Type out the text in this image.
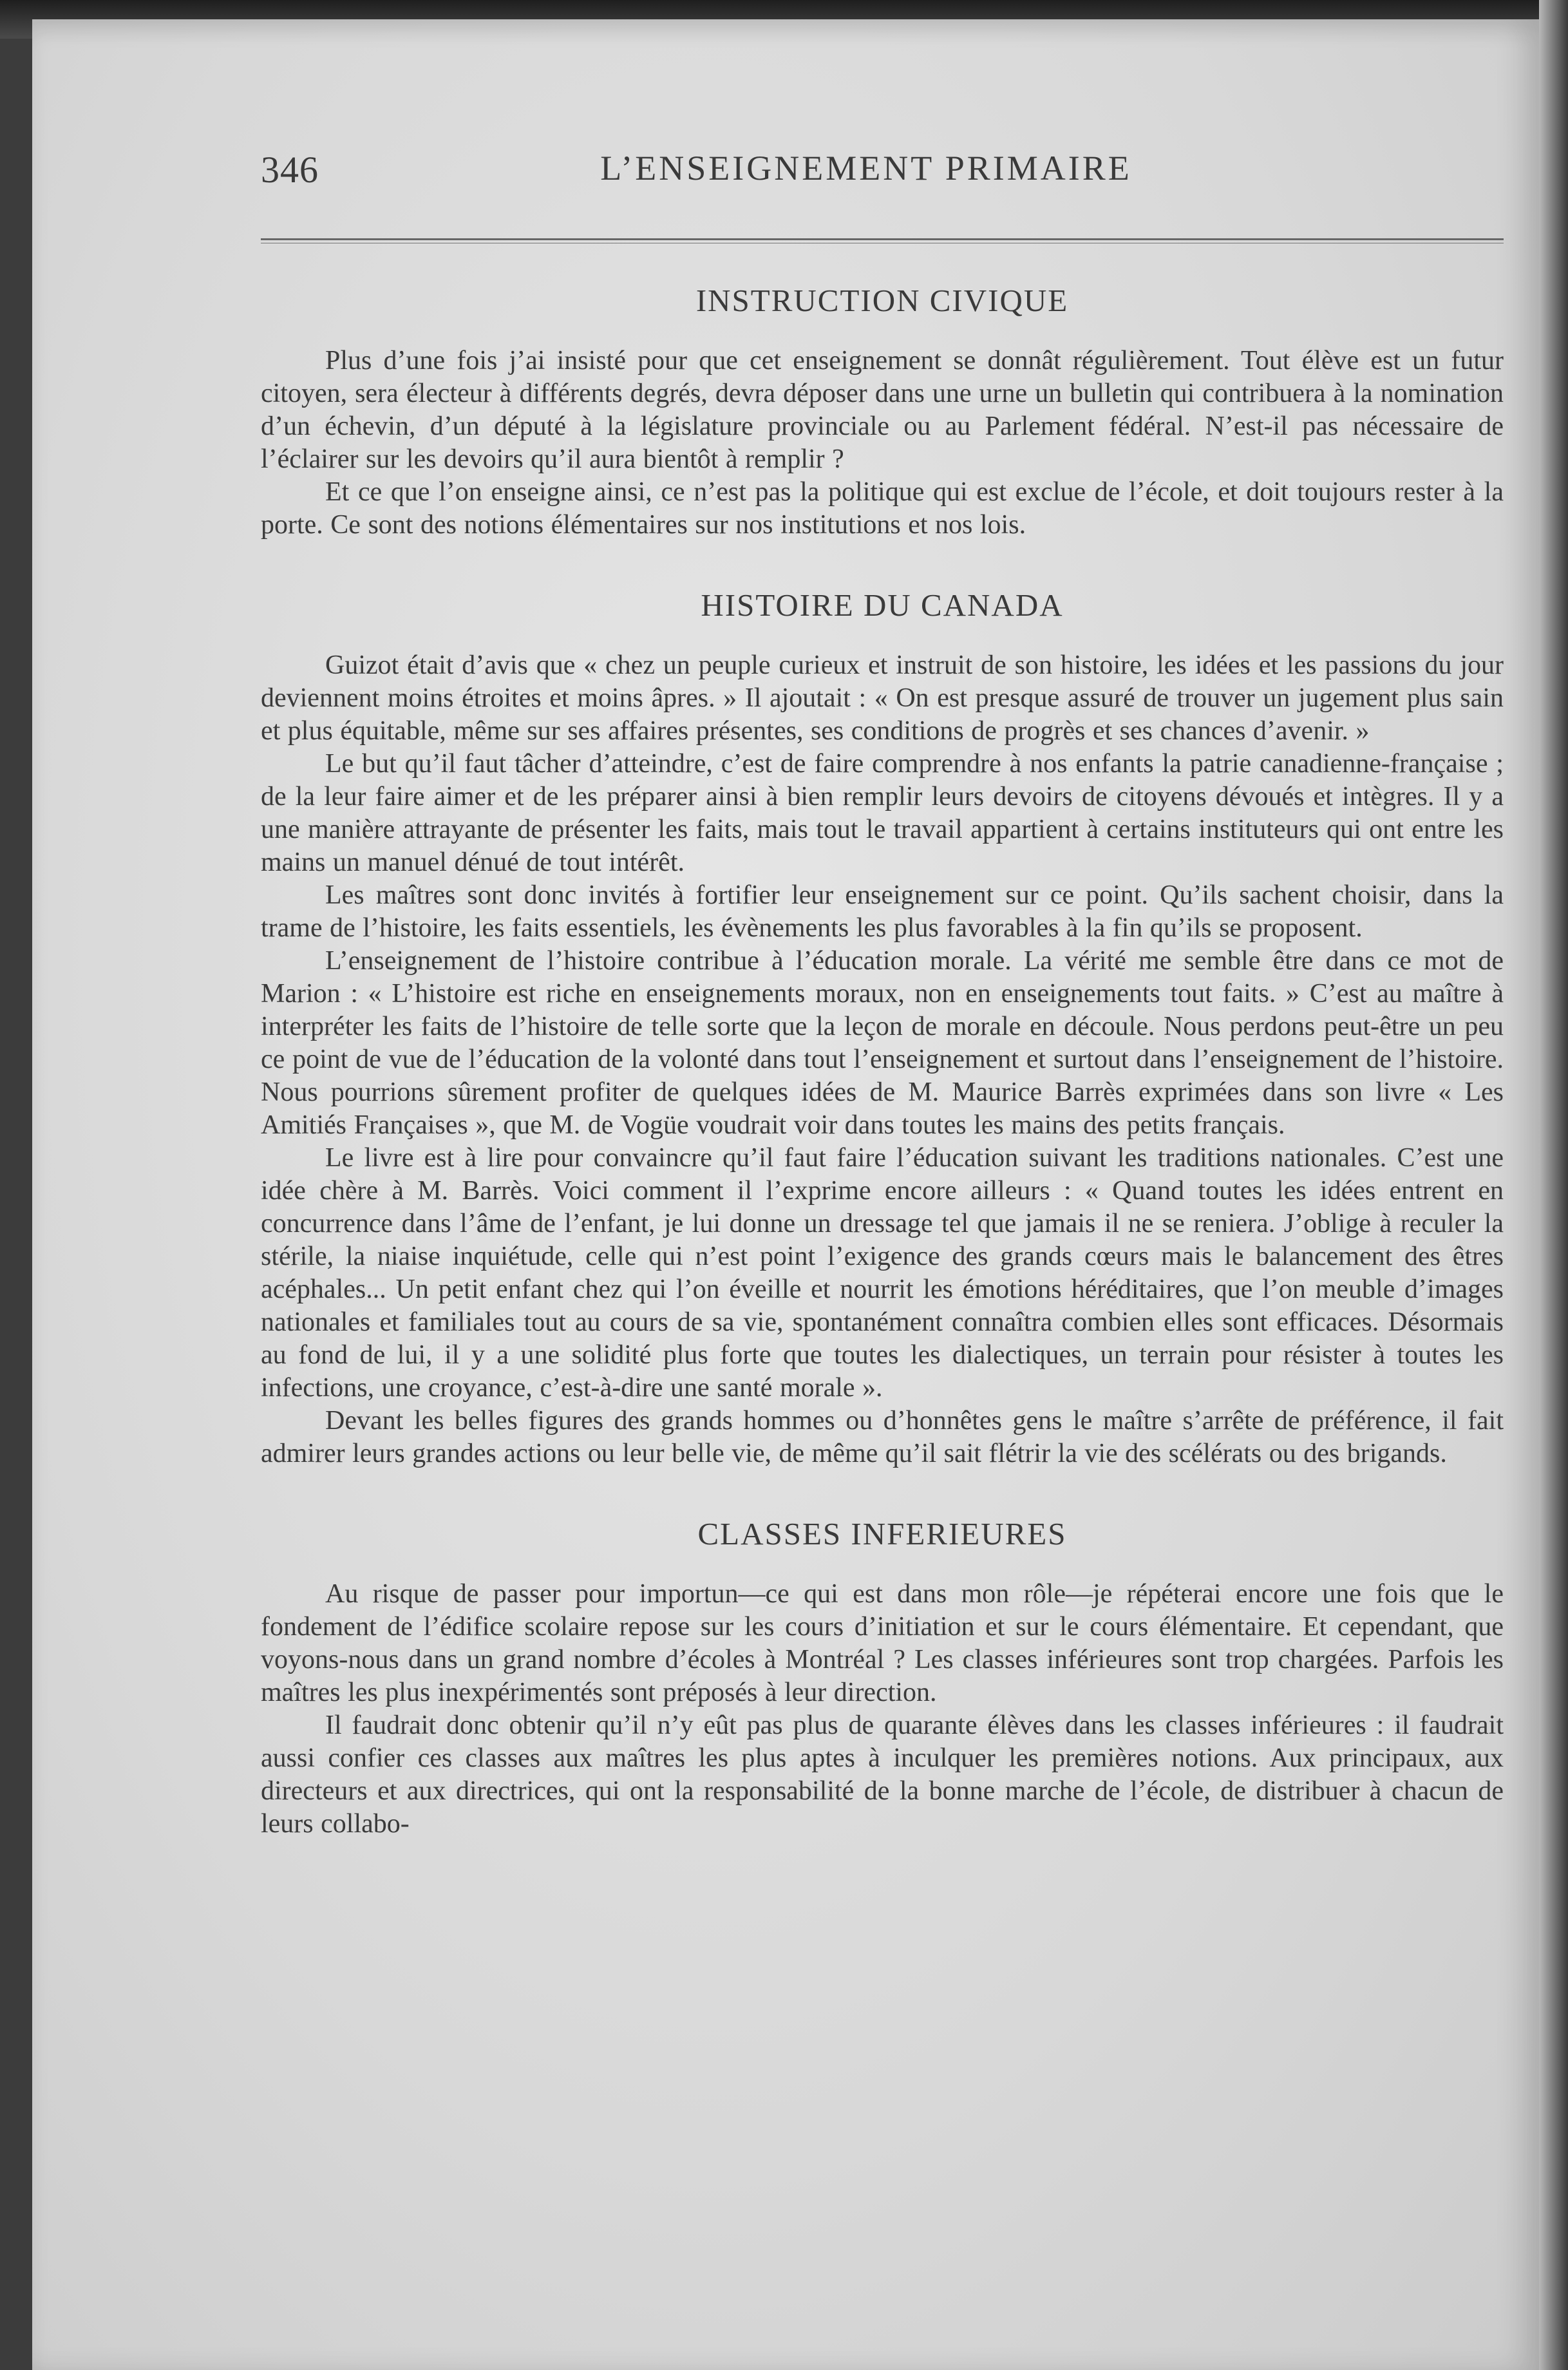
346	L’ENSEIGNEMENT PRIMAIRE
INSTRUCTION CIVIQUE

Plus d’une fois j’ai insisté pour que cet enseignement se donnât régulièrement. Tout élève est un futur citoyen, sera électeur à différents degrés, devra déposer dans une urne un bulletin qui contribuera à la nomination d’un échevin, d’un député à la législature provinciale ou au Parlement fédéral. N’est-il pas nécessaire de l’éclairer sur les devoirs qu’il aura bientôt à remplir ?

Et ce que l’on enseigne ainsi, ce n’est pas la politique qui est exclue de l’école, et doit toujours rester à la porte. Ce sont des notions élémentaires sur nos institutions et nos lois.

HISTOIRE DU CANADA

Guizot était d’avis que « chez un peuple curieux et instruit de son histoire, les idées et les passions du jour deviennent moins étroites et moins âpres. » Il ajoutait : « On est presque assuré de trouver un jugement plus sain et plus équitable, même sur ses affaires présentes, ses conditions de progrès et ses chances d’avenir. »

Le but qu’il faut tâcher d’atteindre, c’est de faire comprendre à nos enfants la patrie canadienne-française ; de la leur faire aimer et de les préparer ainsi à bien remplir leurs devoirs de citoyens dévoués et intègres. Il y a une manière attrayante de présenter les faits, mais tout le travail appartient à certains instituteurs qui ont entre les mains un manuel dénué de tout intérêt.

Les maîtres sont donc invités à fortifier leur enseignement sur ce point. Qu’ils sachent choisir, dans la trame de l’histoire, les faits essentiels, les évènements les plus favorables à la fin qu’ils se proposent.

L’enseignement de l’histoire contribue à l’éducation morale. La vérité me semble être dans ce mot de Marion : « L’histoire est riche en enseignements moraux, non en enseignements tout faits. » C’est au maître à interpréter les faits de l’histoire de telle sorte que la leçon de morale en découle. Nous perdons peut-être un peu ce point de vue de l’éducation de la volonté dans tout l’enseignement et surtout dans l’enseignement de l’histoire. Nous pourrions sûrement profiter de quelques idées de M. Maurice Barrès exprimées dans son livre « Les Amitiés Françaises », que M. de Vogüe voudrait voir dans toutes les mains des petits français.

Le livre est à lire pour convaincre qu’il faut faire l’éducation suivant les traditions nationales. C’est une idée chère à M. Barrès. Voici comment il l’exprime encore ailleurs : « Quand toutes les idées entrent en concurrence dans l’âme de l’enfant, je lui donne un dressage tel que jamais il ne se reniera. J’oblige à reculer la stérile, la niaise inquiétude, celle qui n’est point l’exigence des grands cœurs mais le balancement des êtres acéphales... Un petit enfant chez qui l’on éveille et nourrit les émotions héréditaires, que l’on meuble d’images nationales et familiales tout au cours de sa vie, spontanément connaîtra combien elles sont efficaces. Désormais au fond de lui, il y a une solidité plus forte que toutes les dialectiques, un terrain pour résister à toutes les infections, une croyance, c’est-à-dire une santé morale ».

Devant les belles figures des grands hommes ou d’honnêtes gens le maître s’arrête de préférence, il fait admirer leurs grandes actions ou leur belle vie, de même qu’il sait flétrir la vie des scélérats ou des brigands.

CLASSES INFERIEURES

Au risque de passer pour importun—ce qui est dans mon rôle—je répéterai encore une fois que le fondement de l’édifice scolaire repose sur les cours d’initiation et sur le cours élémentaire. Et cependant, que voyons-nous dans un grand nombre d’écoles à Montréal ? Les classes inférieures sont trop chargées. Parfois les maîtres les plus inexpérimentés sont préposés à leur direction.

Il faudrait donc obtenir qu’il n’y eût pas plus de quarante élèves dans les classes inférieures : il faudrait aussi confier ces classes aux maîtres les plus aptes à inculquer les premières notions. Aux principaux, aux directeurs et aux directrices, qui ont la responsabilité de la bonne marche de l’école, de distribuer à chacun de leurs collabo-
